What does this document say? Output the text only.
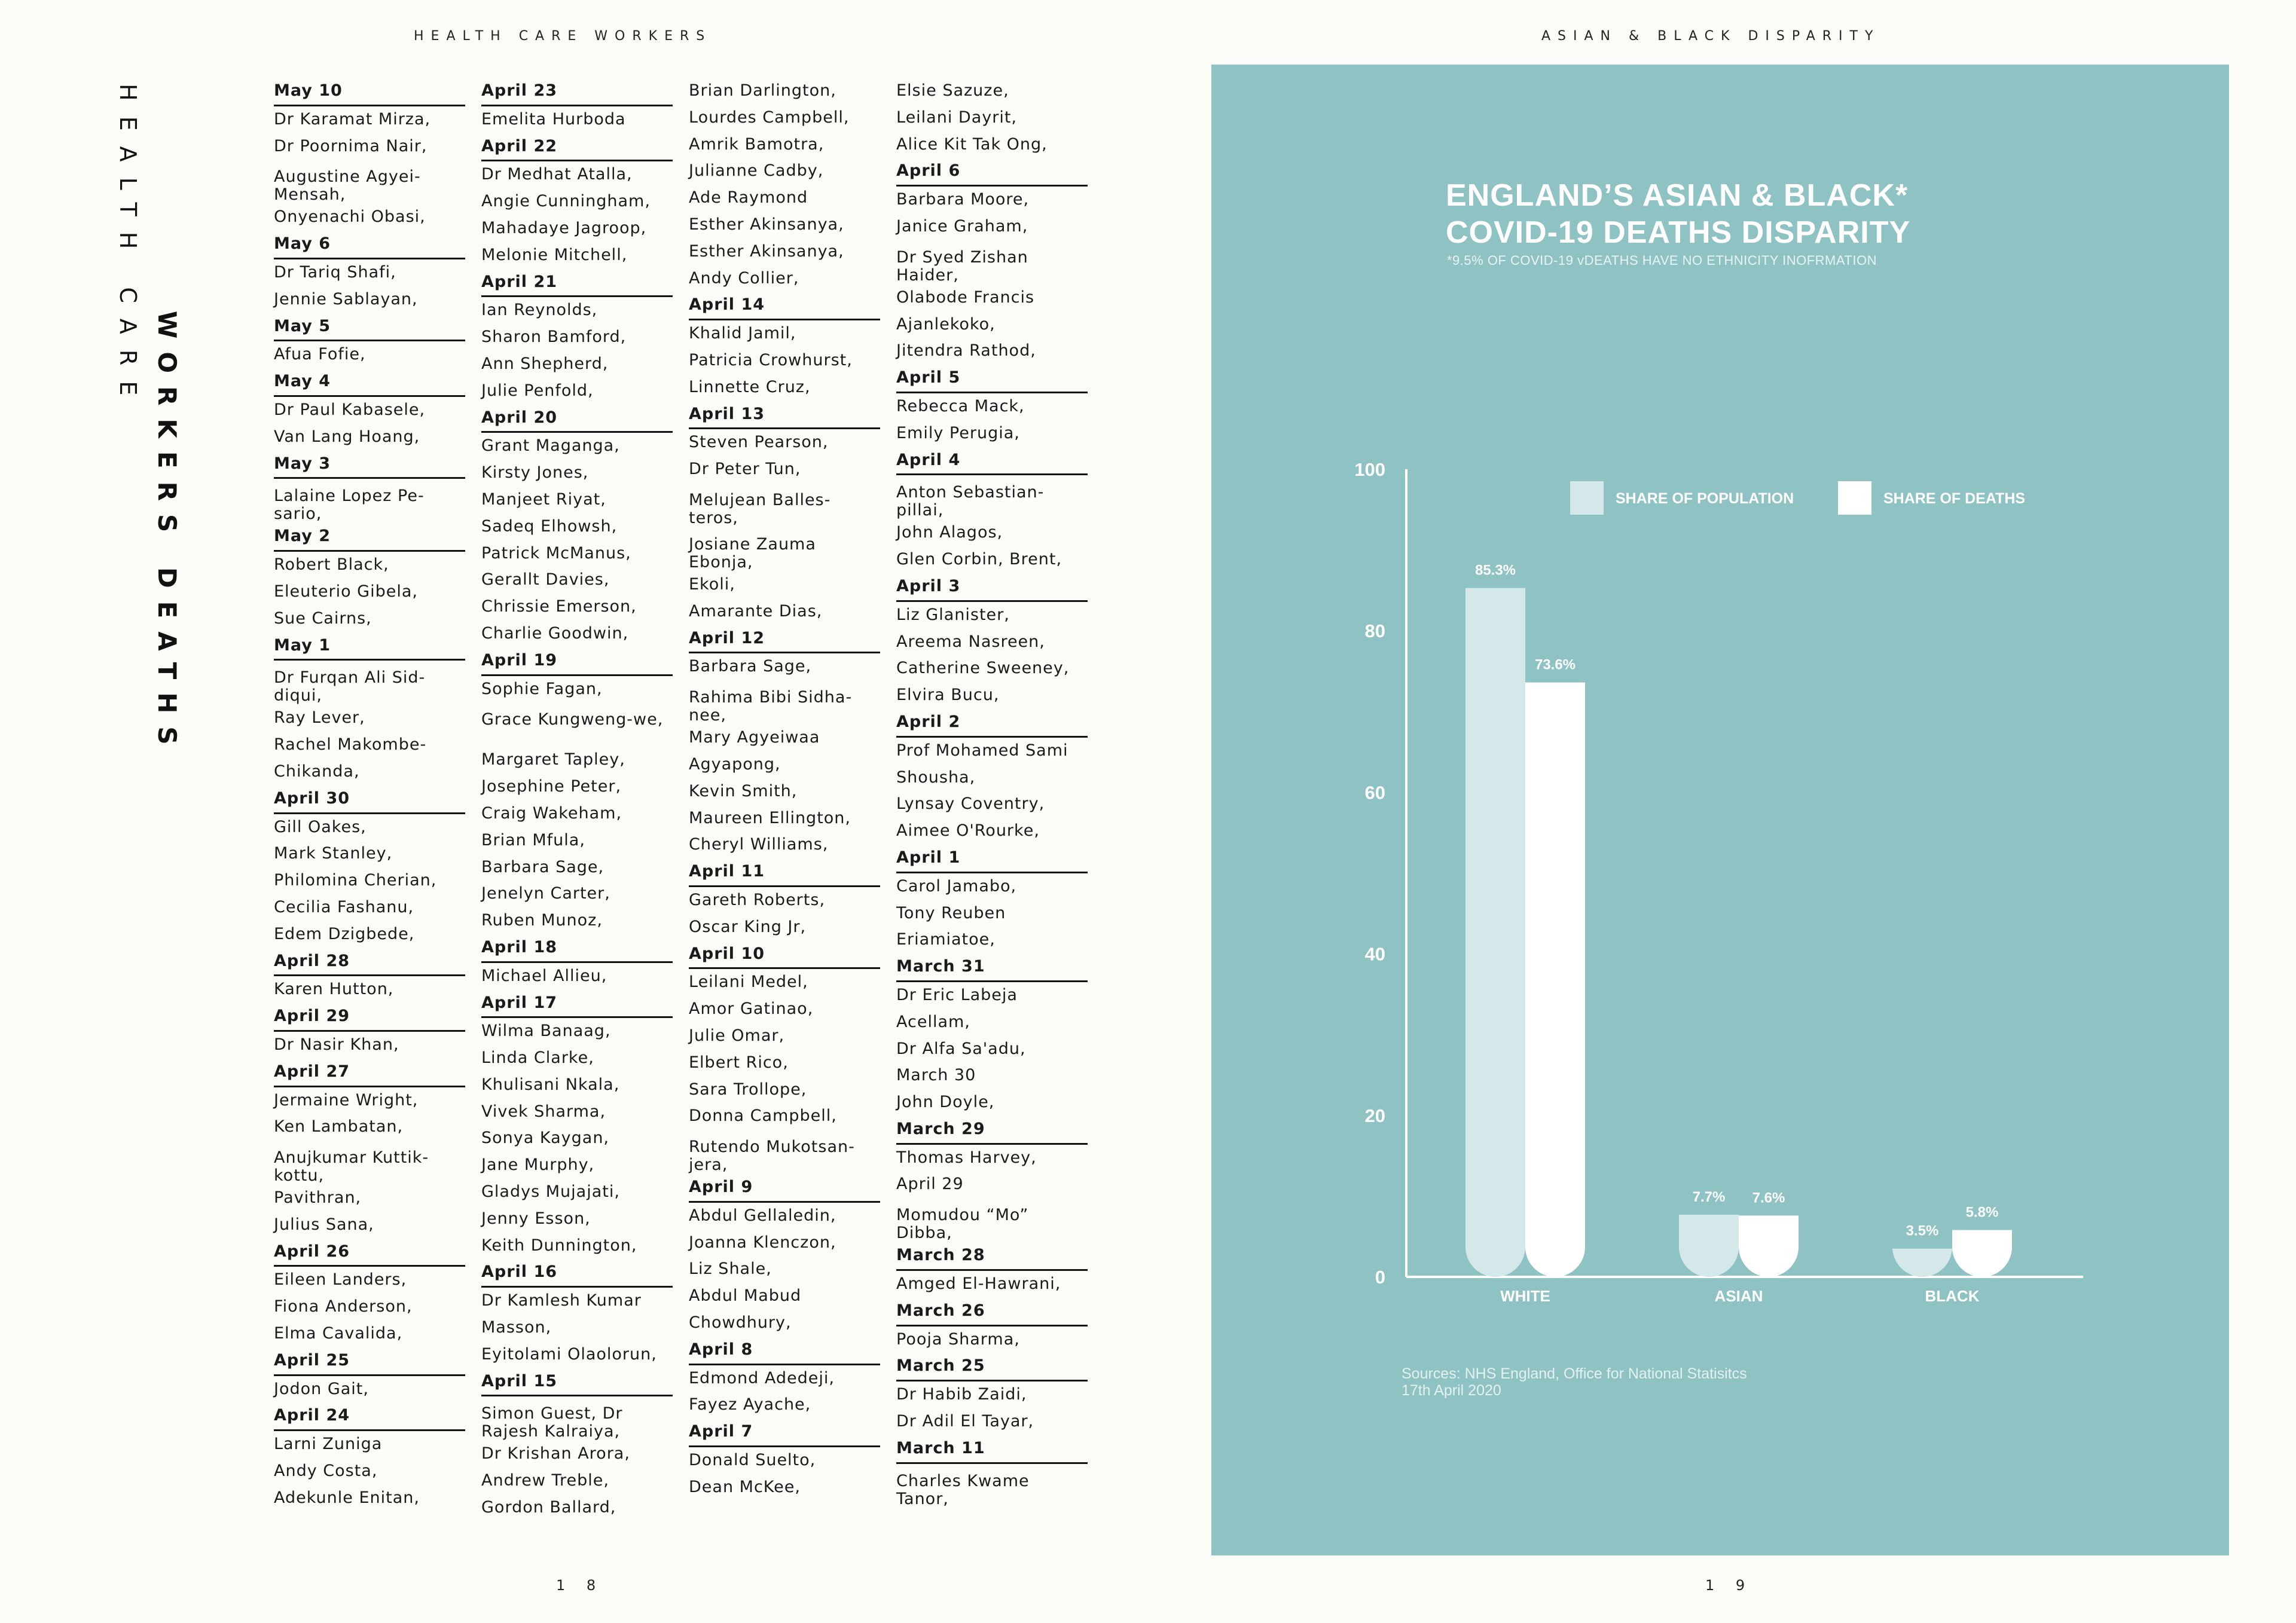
HEALTH CARE WORKERS	ASIAN & BLACK DISPARITY
HEALTH CARE
WORKERS DEATHS
May 10
Dr Karamat Mirza,
Dr Poornima Nair,
Augustine Agyei-Mensah,
Onyenachi Obasi,
May 6
Dr Tariq Shafi,
Jennie Sablayan,
May 5
Afua Fofie,
May 4
Dr Paul Kabasele,
Van Lang Hoang,
May 3
Lalaine Lopez Pe-sario,
May 2
Robert Black,
Eleuterio Gibela,
Sue Cairns,
May 1
Dr Furqan Ali Sid-diqui,
Ray Lever,
Rachel Makombe-
Chikanda,
April 30
Gill Oakes,
Mark Stanley,
Philomina Cherian,
Cecilia Fashanu,
Edem Dzigbede,
April 28
Karen Hutton,
April 29
Dr Nasir Khan,
April 27
Jermaine Wright,
Ken Lambatan,
Anujkumar Kuttik-kottu,
Pavithran,
Julius Sana,
April 26
Eileen Landers,
Fiona Anderson,
Elma Cavalida,
April 25
Jodon Gait,
April 24
Larni Zuniga
Andy Costa,
Adekunle Enitan,
April 23
Emelita Hurboda
April 22
Dr Medhat Atalla,
Angie Cunningham,
Mahadaye Jagroop,
Melonie Mitchell,
April 21
Ian Reynolds,
Sharon Bamford,
Ann Shepherd,
Julie Penfold,
April 20
Grant Maganga,
Kirsty Jones,
Manjeet Riyat,
Sadeq Elhowsh,
Patrick McManus,
Gerallt Davies,
Chrissie Emerson,
Charlie Goodwin,
April 19
Sophie Fagan,
Grace Kungweng-we,
Margaret Tapley,
Josephine Peter,
Craig Wakeham,
Brian Mfula,
Barbara Sage,
Jenelyn Carter,
Ruben Munoz,
April 18
Michael Allieu,
April 17
Wilma Banaag,
Linda Clarke,
Khulisani Nkala,
Vivek Sharma,
Sonya Kaygan,
Jane Murphy,
Gladys Mujajati,
Jenny Esson,
Keith Dunnington,
April 16
Dr Kamlesh Kumar
Masson,
Eyitolami Olaolorun,
April 15
Simon Guest, Dr Rajesh Kalraiya,
Dr Krishan Arora,
Andrew Treble,
Gordon Ballard,
Brian Darlington,
Lourdes Campbell,
Amrik Bamotra,
Julianne Cadby,
Ade Raymond
Esther Akinsanya,
Esther Akinsanya,
Andy Collier,
April 14
Khalid Jamil,
Patricia Crowhurst,
Linnette Cruz,
April 13
Steven Pearson,
Dr Peter Tun,
Melujean Balles-teros,
Josiane Zauma Ebonja,
Ekoli,
Amarante Dias,
April 12
Barbara Sage,
Rahima Bibi Sidha-nee,
Mary Agyeiwaa
Agyapong,
Kevin Smith,
Maureen Ellington,
Cheryl Williams,
April 11
Gareth Roberts,
Oscar King Jr,
April 10
Leilani Medel,
Amor Gatinao,
Julie Omar,
Elbert Rico,
Sara Trollope,
Donna Campbell,
Rutendo Mukotsan-jera,
April 9
Abdul Gellaledin,
Joanna Klenczon,
Liz Shale,
Abdul Mabud
Chowdhury,
April 8
Edmond Adedeji,
Fayez Ayache,
April 7
Donald Suelto,
Dean McKee,
Elsie Sazuze,
Leilani Dayrit,
Alice Kit Tak Ong,
April 6
Barbara Moore,
Janice Graham,
Dr Syed Zishan Haider,
Olabode Francis
Ajanlekoko,
Jitendra Rathod,
April 5
Rebecca Mack,
Emily Perugia,
April 4
Anton Sebastian-pillai,
John Alagos,
Glen Corbin, Brent,
April 3
Liz Glanister,
Areema Nasreen,
Catherine Sweeney,
Elvira Bucu,
April 2
Prof Mohamed Sami
Shousha,
Lynsay Coventry,
Aimee O'Rourke,
April 1
Carol Jamabo,
Tony Reuben
Eriamiatoe,
March 31
Dr Eric Labeja
Acellam,
Dr Alfa Sa'adu,
March 30
John Doyle,
March 29
Thomas Harvey,
April 29
Momudou “Mo” Dibba,
March 28
Amged El-Hawrani,
March 26
Pooja Sharma,
March 25
Dr Habib Zaidi,
Dr Adil El Tayar,
March 11
Charles Kwame Tanor,
ENGLAND’S ASIAN & BLACK*
COVID-19 DEATHS DISPARITY
*9.5% OF COVID-19 vDEATHS HAVE NO ETHNICITY INOFRMATION
0
20
40
60
80
100
85.3%
73.6%
WHITE
7.7% 7.6%
ASIAN
3.5%
5.8%
BLACK
SHARE OF POPULATION	SHARE OF DEATHS
Sources: NHS England, Office for National Statisitcs
17th April 2020
1 8	1 9
